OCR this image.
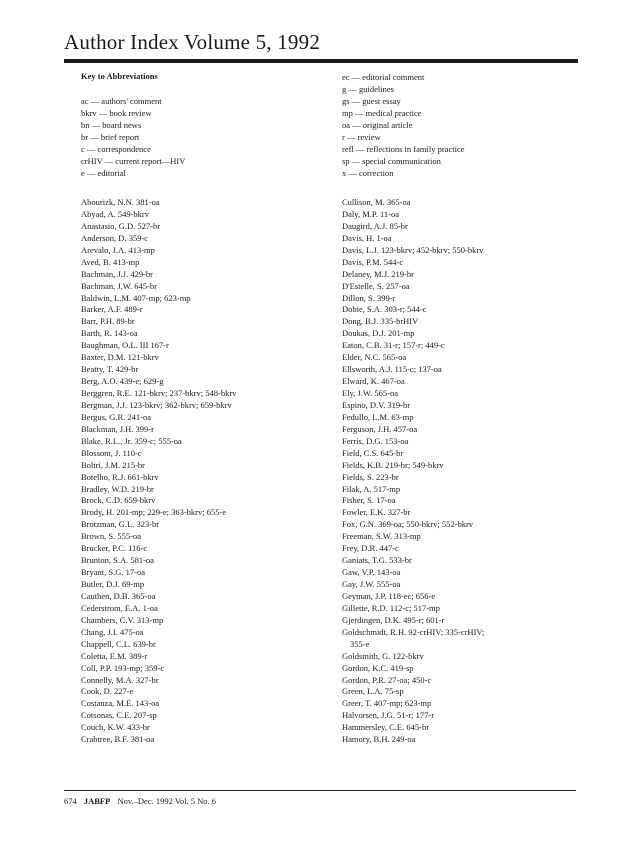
Author Index Volume 5, 1992
Key to Abbreviations
ac — authors' comment
bkrv — book review
bn — board news
br — brief report
c — correspondence
crHIV — current report—HIV
e — editorial
ec — editorial comment
g — guidelines
gs — guest essay
mp — medical practice
oa — original article
r — review
refl — reflections in family practice
sp — special communication
x — correction
Abourizk, N.N. 381-oa
Abyad, A. 549-bkrv
Anastasio, G.D. 527-br
Anderson, D. 359-c
Arevalo, J.A. 413-mp
Aved, B. 413-mp
Bachman, J.J. 429-br
Bachman, J.W. 645-br
Baldwin, L.M. 407-mp; 623-mp
Barker, A.F. 489-r
Barr, P.H. 89-br
Barth, R. 143-oa
Baughman, O.L. III 167-r
Baxter, D.M. 121-bkrv
Beatty, T. 429-br
Berg, A.O. 439-e; 629-g
Berggren, R.E. 121-bkrv; 237-bkrv; 548-bkrv
Bergman, J.J. 123-bkrv; 362-bkrv; 659-bkrv
Bergus, G.R. 241-oa
Blackman, J.H. 399-r
Blake, R.L., Jr. 359-c; 555-oa
Blossom, J. 110-c
Boltri, J.M. 215-br
Botelho, R.J. 661-bkrv
Bradley, W.D. 219-br
Brock, C.D. 659-bkrv
Brody, H. 201-mp; 229-e; 363-bkrv; 655-e
Brotzman, G.L. 323-br
Brown, S. 555-oa
Brucker, P.C. 116-c
Brunton, S.A. 581-oa
Bryant, S.G. 17-oa
Butler, D.J. 69-mp
Cauthen, D.B. 365-oa
Cederstrom, E.A. 1-oa
Chambers, C.V. 313-mp
Chang, J.I. 475-oa
Chappell, C.L. 639-br
Coletta, E.M. 389-r
Coll, P.P. 193-mp; 359-c
Connelly, M.A. 327-br
Cook, D. 227-e
Costanza, M.E. 143-oa
Cotsonas, C.E. 207-sp
Couch, K.W. 433-br
Crabtree, B.F. 381-oa
Cullison, M. 365-oa
Daly, M.P. 11-oa
Daugird, A.J. 85-br
Davis, H. 1-oa
Davis, L.J. 123-bkrv; 452-bkrv; 550-bkrv
Davis, P.M. 544-c
Delaney, M.J. 219-br
D'Estelle, S. 257-oa
Dillon, S. 399-r
Dobie, S.A. 303-r; 544-c
Dong, B.J. 335-brHIV
Doukas, D.J. 201-mp
Eaton, C.B. 31-r; 157-r; 449-c
Elder, N.C. 565-oa
Ellsworth, A.J. 115-c; 137-oa
Elward, K. 467-oa
Ely, J.W. 565-oa
Espino, D.V. 319-br
Fedullo, L.M. 63-mp
Ferguson, J.H. 457-oa
Ferris, D.G. 153-oa
Field, C.S. 645-br
Fields, K.B. 219-br; 549-bkrv
Fields, S. 223-br
Filak, A. 517-mp
Fisher, S. 17-oa
Fowler, E.K. 327-br
Fox, G.N. 369-oa; 550-bkrv; 552-bkrv
Freeman, S.W. 313-mp
Frey, D.R. 447-c
Ganiats, T.G. 533-br
Gaw, V.P. 143-oa
Gay, J.W. 555-oa
Geyman, J.P. 118-ec; 656-e
Gillette, R.D. 112-c; 517-mp
Gjerdingen, D.K. 495-r; 601-r
Goldschmidt, R.H. 92-crHIV; 335-crHIV;
355-e
Goldsmith, G. 122-bkrv
Gordon, K.C. 419-sp
Gordon, P.R. 27-oa; 450-c
Green, L.A. 75-sp
Greer, T. 407-mp; 623-mp
Halvorsen, J.G. 51-r; 177-r
Hammersley, C.E. 645-br
Hamory, B.H. 249-oa
674 JABFP Nov.–Dec. 1992 Vol. 5 No. 6
